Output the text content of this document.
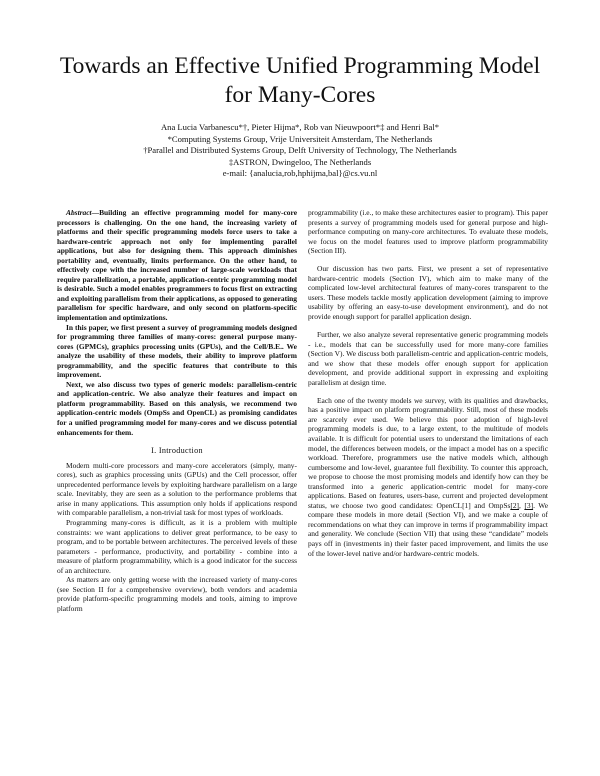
Towards an Effective Unified Programming Model
for Many-Cores
Ana Lucia Varbanescu*†, Pieter Hijma*, Rob van Nieuwpoort*‡ and Henri Bal*
*Computing Systems Group, Vrije Universiteit Amsterdam, The Netherlands
†Parallel and Distributed Systems Group, Delft University of Technology, The Netherlands
‡ASTRON, Dwingeloo, The Netherlands
e-mail: {analucia,rob,hphijma,bal}@cs.vu.nl

Abstract—Building an effective programming model for many-core processors is challenging. On the one hand, the increasing variety of platforms and their specific programming models force users to take a hardware-centric approach not only for implementing parallel applications, but also for designing them. This approach diminishes portability and, eventually, limits performance. On the other hand, to effectively cope with the increased number of large-scale workloads that require parallelization, a portable, application-centric programming model is desirable. Such a model enables programmers to focus first on extracting and exploiting parallelism from their applications, as opposed to generating parallelism for specific hardware, and only second on platform-specific implementation and optimizations.

In this paper, we first present a survey of programming models designed for programming three families of many-cores: general purpose many-cores (GPMCs), graphics processing units (GPUs), and the Cell/B.E.. We analyze the usability of these models, their ability to improve platform programmability, and the specific features that contribute to this improvement.

Next, we also discuss two types of generic models: parallelism-centric and application-centric. We also analyze their features and impact on platform programmability. Based on this analysis, we recommend two application-centric models (OmpSs and OpenCL) as promising candidates for a unified programming model for many-cores and we discuss potential enhancements for them.

I. Introduction

Modern multi-core processors and many-core accelerators (simply, many-cores), such as graphics processing units (GPUs) and the Cell processor, offer unprecedented performance levels by exploiting hardware parallelism on a large scale. Inevitably, they are seen as a solution to the performance problems that arise in many applications. This assumption only holds if applications respond with comparable parallelism, a non-trivial task for most types of workloads.

Programming many-cores is difficult, as it is a problem with multiple constraints: we want applications to deliver great performance, to be easy to program, and to be portable between architectures. The perceived levels of these parameters - performance, productivity, and portability - combine into a measure of platform programmability, which is a good indicator for the success of an architecture.

As matters are only getting worse with the increased variety of many-cores (see Section II for a comprehensive overview), both vendors and academia provide platform-specific programming models and tools, aiming to improve platform

programmability (i.e., to make these architectures easier to program). This paper presents a survey of programming models used for general purpose and high-performance computing on many-core architectures. To evaluate these models, we focus on the model features used to improve platform programmability (Section III).

Our discussion has two parts. First, we present a set of representative hardware-centric models (Section IV), which aim to make many of the complicated low-level architectural features of many-cores transparent to the users. These models tackle mostly application development (aiming to improve usability by offering an easy-to-use development environment), and do not provide enough support for parallel application design.

Further, we also analyze several representative generic programming models - i.e., models that can be successfully used for more many-core families (Section V). We discuss both parallelism-centric and application-centric models, and we show that these models offer enough support for application development, and provide additional support in expressing and exploiting parallelism at design time.

Each one of the twenty models we survey, with its qualities and drawbacks, has a positive impact on platform programmability. Still, most of these models are scarcely ever used. We believe this poor adoption of high-level programming models is due, to a large extent, to the multitude of models available. It is difficult for potential users to understand the limitations of each model, the differences between models, or the impact a model has on a specific workload. Therefore, programmers use the native models which, although cumbersome and low-level, guarantee full flexibility. To counter this approach, we propose to choose the most promising models and identify how can they be transformed into a generic application-centric model for many-core applications. Based on features, users-base, current and projected development status, we choose two good candidates: OpenCL[1] and OmpSs[2], [3]. We compare these models in more detail (Section VI), and we make a couple of recommendations on what they can improve in terms if programmability impact and generality. We conclude (Section VII) that using these “candidate” models pays off in (investments in) their faster paced improvement, and limits the use of the lower-level native and/or hardware-centric models.
